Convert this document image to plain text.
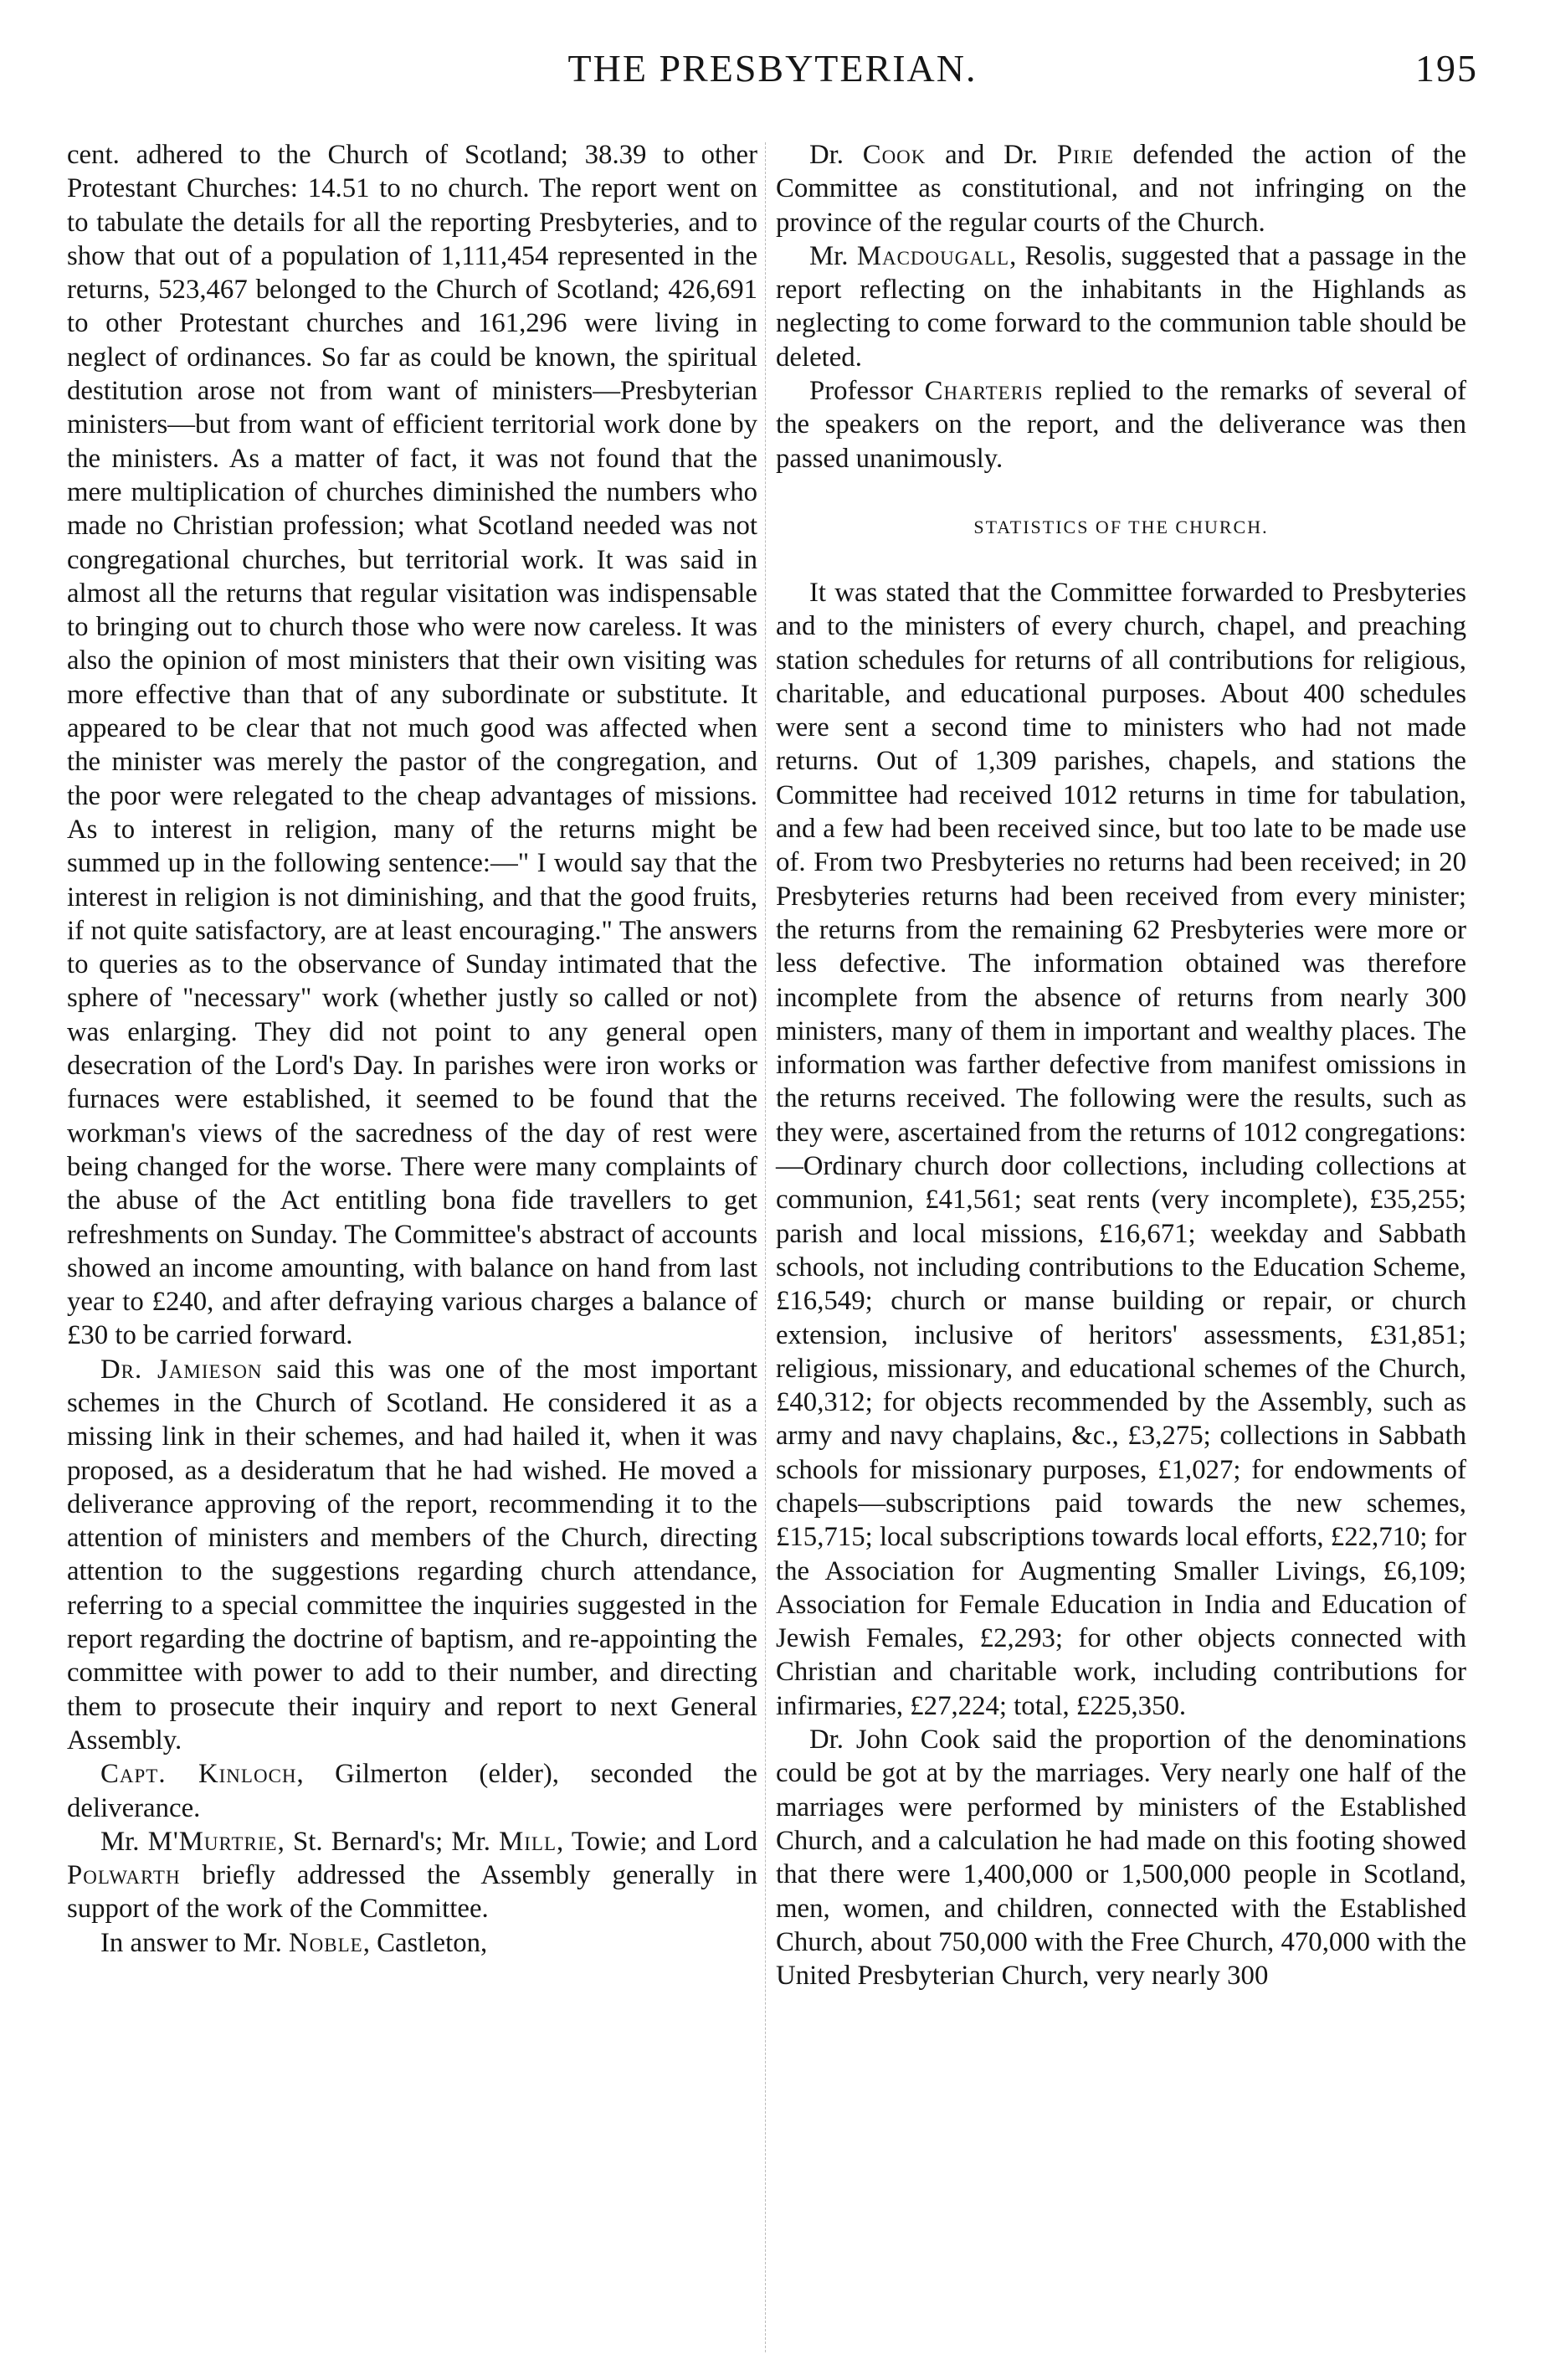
THE PRESBYTERIAN.	195

cent. adhered to the Church of Scotland; 38.39 to other Protestant Churches: 14.51 to no church. The report went on to tabulate the details for all the reporting Presbyteries, and to show that out of a population of 1,111,454 represented in the returns, 523,467 belonged to the Church of Scotland; 426,691 to other Protestant churches and 161,296 were living in neglect of ordinances. So far as could be known, the spiritual destitution arose not from want of ministers—Presbyterian ministers—but from want of efficient territorial work done by the ministers. As a matter of fact, it was not found that the mere multiplication of churches diminished the numbers who made no Christian profession; what Scotland needed was not congregational churches, but territorial work. It was said in almost all the returns that regular visitation was indispensable to bringing out to church those who were now careless. It was also the opinion of most ministers that their own visiting was more effective than that of any subordinate or substitute. It appeared to be clear that not much good was affected when the minister was merely the pastor of the congregation, and the poor were relegated to the cheap advantages of missions. As to interest in religion, many of the returns might be summed up in the following sentence:—" I would say that the interest in religion is not diminishing, and that the good fruits, if not quite satisfactory, are at least encouraging." The answers to queries as to the observance of Sunday intimated that the sphere of "necessary" work (whether justly so called or not) was enlarging. They did not point to any general open desecration of the Lord's Day. In parishes were iron works or furnaces were established, it seemed to be found that the workman's views of the sacredness of the day of rest were being changed for the worse. There were many complaints of the abuse of the Act entitling bona fide travellers to get refreshments on Sunday. The Committee's abstract of accounts showed an income amounting, with balance on hand from last year to £240, and after defraying various charges a balance of £30 to be carried forward.

Dr. Jamieson said this was one of the most important schemes in the Church of Scotland. He considered it as a missing link in their schemes, and had hailed it, when it was proposed, as a desideratum that he had wished. He moved a deliverance approving of the report, recommending it to the attention of ministers and members of the Church, directing attention to the suggestions regarding church attendance, referring to a special committee the inquiries suggested in the report regarding the doctrine of baptism, and re-appointing the committee with power to add to their number, and directing them to prosecute their inquiry and report to next General Assembly.

Capt. Kinloch, Gilmerton (elder), seconded the deliverance.

Mr. M'Murtrie, St. Bernard's; Mr. Mill, Towie; and Lord Polwarth briefly addressed the Assembly generally in support of the work of the Committee.

In answer to Mr. Noble, Castleton,

Dr. Cook and Dr. Pirie defended the action of the Committee as constitutional, and not infringing on the province of the regular courts of the Church.

Mr. Macdougall, Resolis, suggested that a passage in the report reflecting on the inhabitants in the Highlands as neglecting to come forward to the communion table should be deleted.

Professor Charteris replied to the remarks of several of the speakers on the report, and the deliverance was then passed unanimously.

STATISTICS OF THE CHURCH.

It was stated that the Committee forwarded to Presbyteries and to the ministers of every church, chapel, and preaching station schedules for returns of all contributions for religious, charitable, and educational purposes. About 400 schedules were sent a second time to ministers who had not made returns. Out of 1,309 parishes, chapels, and stations the Committee had received 1012 returns in time for tabulation, and a few had been received since, but too late to be made use of. From two Presbyteries no returns had been received; in 20 Presbyteries returns had been received from every minister; the returns from the remaining 62 Presbyteries were more or less defective. The information obtained was therefore incomplete from the absence of returns from nearly 300 ministers, many of them in important and wealthy places. The information was farther defective from manifest omissions in the returns received. The following were the results, such as they were, ascertained from the returns of 1012 congregations:—Ordinary church door collections, including collections at communion, £41,561; seat rents (very incomplete), £35,255; parish and local missions, £16,671; weekday and Sabbath schools, not including contributions to the Education Scheme, £16,549; church or manse building or repair, or church extension, inclusive of heritors' assessments, £31,851; religious, missionary, and educational schemes of the Church, £40,312; for objects recommended by the Assembly, such as army and navy chaplains, &c., £3,275; collections in Sabbath schools for missionary purposes, £1,027; for endowments of chapels—subscriptions paid towards the new schemes, £15,715; local subscriptions towards local efforts, £22,710; for the Association for Augmenting Smaller Livings, £6,109; Association for Female Education in India and Education of Jewish Females, £2,293; for other objects connected with Christian and charitable work, including contributions for infirmaries, £27,224; total, £225,350.

Dr. John Cook said the proportion of the denominations could be got at by the marriages. Very nearly one half of the marriages were performed by ministers of the Established Church, and a calculation he had made on this footing showed that there were 1,400,000 or 1,500,000 people in Scotland, men, women, and children, connected with the Established Church, about 750,000 with the Free Church, 470,000 with the United Presbyterian Church, very nearly 300
